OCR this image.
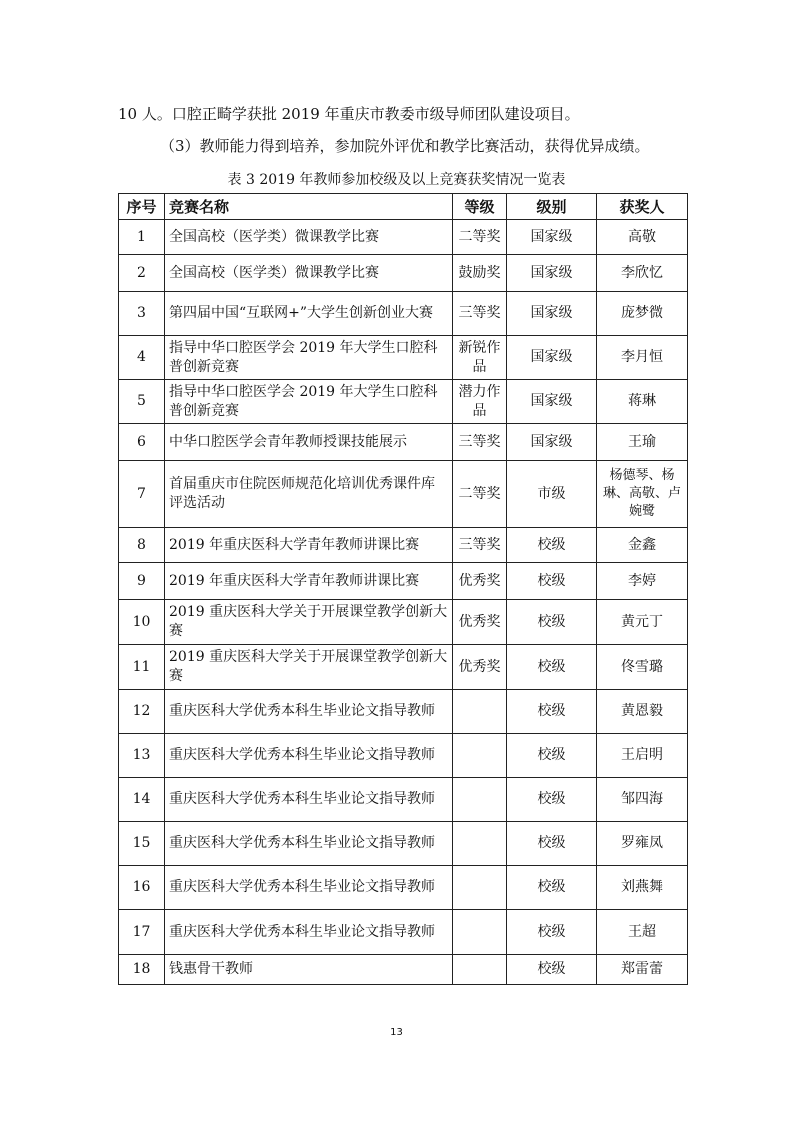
10 人。口腔正畸学获批 2019 年重庆市教委市级导师团队建设项目。
（3）教师能力得到培养，参加院外评优和教学比赛活动，获得优异成绩。
表 3 2019 年教师参加校级及以上竞赛获奖情况一览表
序号	竞赛名称	等级	级别	获奖人
1	全国高校（医学类）微课教学比赛	二等奖	国家级	高敬
2	全国高校（医学类）微课教学比赛	鼓励奖	国家级	李欣忆
3	第四届中国“互联网+”大学生创新创业大赛	三等奖	国家级	庞梦微
4	指导中华口腔医学会 2019 年大学生口腔科普创新竞赛	新锐作品	国家级	李月恒
5	指导中华口腔医学会 2019 年大学生口腔科普创新竞赛	潜力作品	国家级	蒋琳
6	中华口腔医学会青年教师授课技能展示	三等奖	国家级	王瑜
7	首届重庆市住院医师规范化培训优秀课件库评选活动	二等奖	市级	杨德琴、杨琳、高敬、卢婉鹭
8	2019 年重庆医科大学青年教师讲课比赛	三等奖	校级	金鑫
9	2019 年重庆医科大学青年教师讲课比赛	优秀奖	校级	李婷
10	2019 重庆医科大学关于开展课堂教学创新大赛	优秀奖	校级	黄元丁
11	2019 重庆医科大学关于开展课堂教学创新大赛	优秀奖	校级	佟雪璐
12	重庆医科大学优秀本科生毕业论文指导教师		校级	黄恩毅
13	重庆医科大学优秀本科生毕业论文指导教师		校级	王启明
14	重庆医科大学优秀本科生毕业论文指导教师		校级	邹四海
15	重庆医科大学优秀本科生毕业论文指导教师		校级	罗雍凤
16	重庆医科大学优秀本科生毕业论文指导教师		校级	刘燕舞
17	重庆医科大学优秀本科生毕业论文指导教师		校级	王超
18	钱惠骨干教师		校级	郑雷蕾
13
